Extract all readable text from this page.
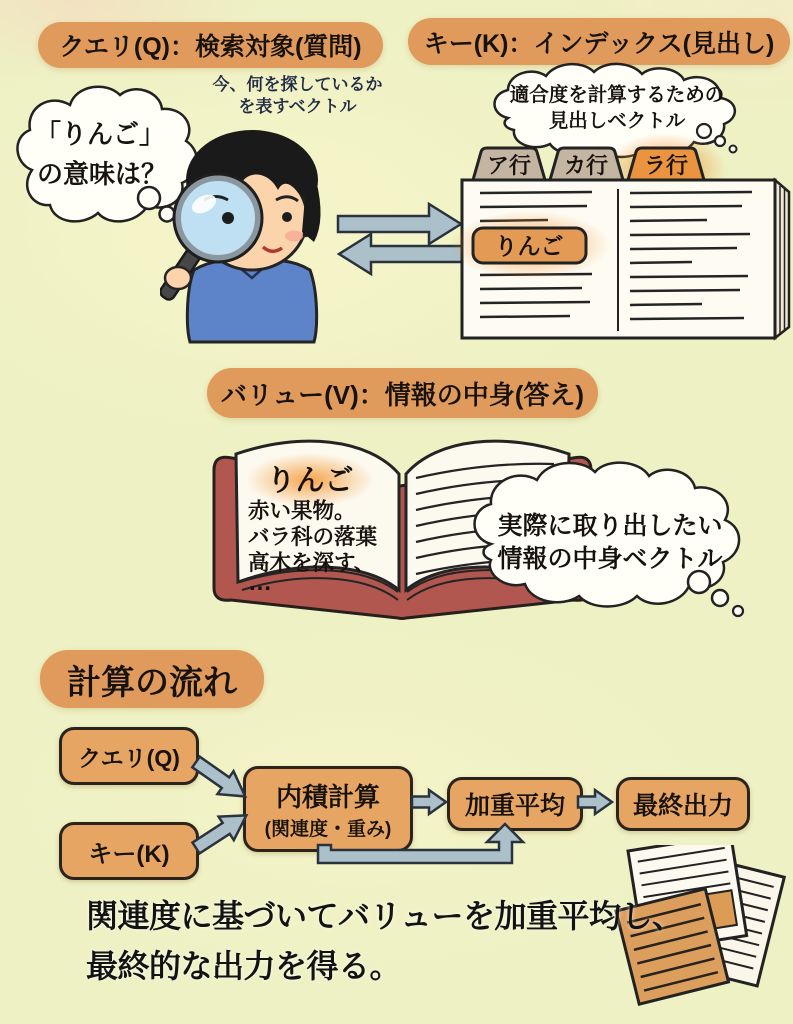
クエリ(Q)：検索対象(質問)	キー(K)：インデックス(見出し)
今、何を探しているか
を表すベクトル
「りんご」
の意味は？
適合度を計算するための
見出しベクトル
ア行 カ行 ラ行
りんご
バリュー(V)：情報の中身(答え)
りんご
赤い果物。
バラ科の落葉
高木を深す、
…
実際に取り出したい
情報の中身ベクトル
計算の流れ
クエリ(Q)
キー(K)
内積計算
(関連度・重み)
加重平均	最終出力
関連度に基づいてバリューを加重平均し、
最終的な出力を得る。
